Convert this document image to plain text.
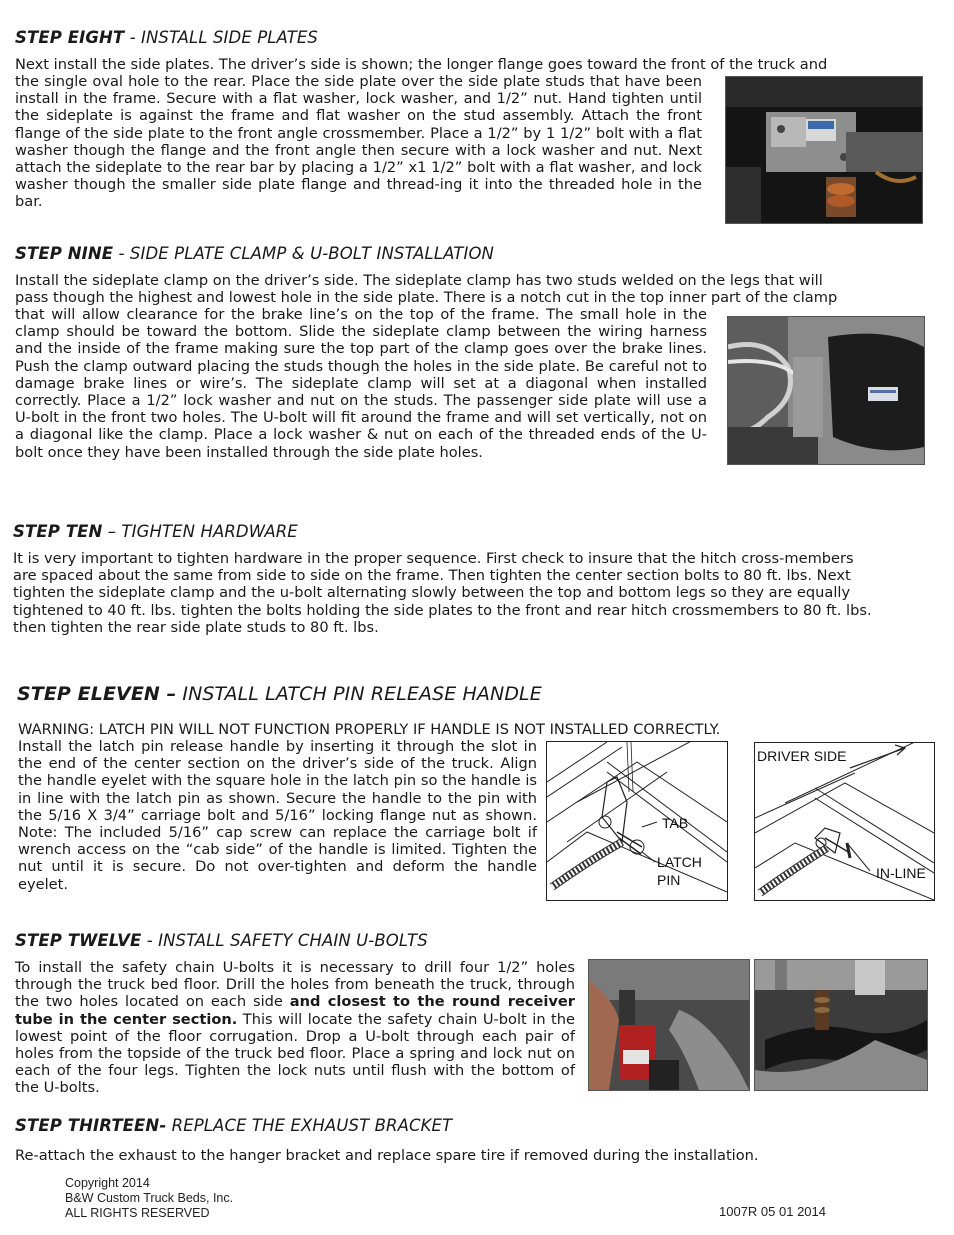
STEP EIGHT - INSTALL SIDE PLATES
Next install the side plates. The driver’s side is shown; the longer flange goes toward the front of the truck and
the single oval hole to the rear. Place the side plate over the side plate studs that have been install in the frame. Secure with a flat washer, lock washer, and 1/2” nut. Hand tighten until the sideplate is against the frame and flat washer on the stud assembly. Attach the front flange of the side plate to the front angle crossmember. Place a 1/2” by 1 1/2” bolt with a flat washer though the flange and the front angle then secure with a lock washer and nut. Next attach the sideplate to the rear bar by placing a 1/2” x1 1/2” bolt with a flat washer, and lock washer though the smaller side plate flange and thread-ing it into the threaded hole in the bar.
STEP NINE - SIDE PLATE CLAMP & U-BOLT INSTALLATION
Install the sideplate clamp on the driver’s side. The sideplate clamp has two studs welded on the legs that will
pass though the highest and lowest hole in the side plate. There is a notch cut in the top inner part of the clamp
that will allow clearance for the brake line’s on the top of the frame. The small hole in the clamp should be toward the bottom. Slide the sideplate clamp between the wiring harness and the inside of the frame making sure the top part of the clamp goes over the brake lines. Push the clamp outward placing the studs though the holes in the side plate. Be careful not to damage brake lines or wire’s. The sideplate clamp will set at a diagonal when installed correctly. Place a 1/2” lock washer and nut on the studs. The passenger side plate will use a U-bolt in the front two holes. The U-bolt will fit around the frame and will set vertically, not on a diagonal like the clamp. Place a lock washer & nut on each of the threaded ends of the U-bolt once they have been installed through the side plate holes.
STEP TEN – TIGHTEN HARDWARE
It is very important to tighten hardware in the proper sequence. First check to insure that the hitch cross-members are spaced about the same from side to side on the frame. Then tighten the center section bolts to 80 ft. lbs. Next tighten the sideplate clamp and the u-bolt alternating slowly between the top and bottom legs so they are equally tightened to 40 ft. lbs. tighten the bolts holding the side plates to the front and rear hitch crossmembers to 80 ft. lbs. then tighten the rear side plate studs to 80 ft. lbs.
STEP ELEVEN – INSTALL LATCH PIN RELEASE HANDLE
WARNING: LATCH PIN WILL NOT FUNCTION PROPERLY IF HANDLE IS NOT INSTALLED CORRECTLY.
Install the latch pin release handle by inserting it through the slot in the end of the center section on the driver’s side of the truck. Align the handle eyelet with the square hole in the latch pin so the handle is in line with the latch pin as shown. Secure the handle to the pin with the 5/16 X 3/4” carriage bolt and 5/16” locking flange nut as shown. Note: The included 5/16” cap screw can replace the carriage bolt if wrench access on the “cab side” of the handle is limited. Tighten the nut until it is secure. Do not over-tighten and deform the handle eyelet.
TAB
LATCH
PIN
DRIVER SIDE
IN-LINE
STEP TWELVE - INSTALL SAFETY CHAIN U-BOLTS
To install the safety chain U-bolts it is necessary to drill four 1/2” holes through the truck bed floor. Drill the holes from beneath the truck, through the two holes located on each side and closest to the round receiver tube in the center section. This will locate the safety chain U-bolt in the lowest point of the floor corrugation. Drop a U-bolt through each pair of holes from the topside of the truck bed floor. Place a spring and lock nut on each of the four legs. Tighten the lock nuts until flush with the bottom of the U-bolts.
STEP THIRTEEN- REPLACE THE EXHAUST BRACKET
Re-attach the exhaust to the hanger bracket and replace spare tire if removed during the installation.
Copyright 2014
B&W Custom Truck Beds, Inc.
ALL RIGHTS RESERVED	1007R 05 01 2014
